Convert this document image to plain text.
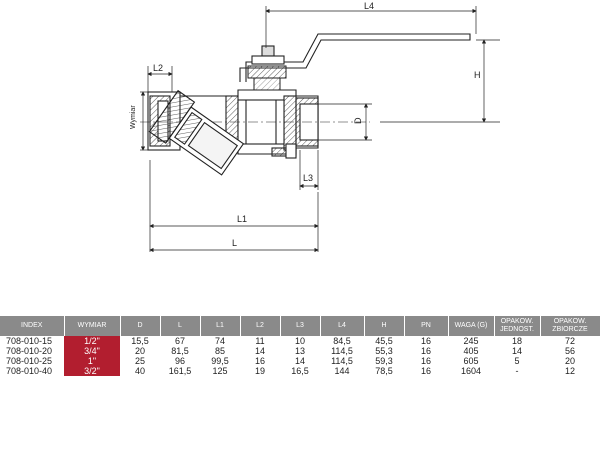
L4
L2
H
D
Wymiar
L3
L1
L
INDEX	WYMIAR	D	L	L1	L2	L3	L4	H	PN	WAGA (G)	OPAKOW. JEDNOST.	OPAKOW. ZBIORCZE
708-010-15	1/2"	15,5	67	74	11	10	84,5	45,5	16	245	18	72
708-010-20	3/4"	20	81,5	85	14	13	114,5	55,3	16	405	14	56
708-010-25	1"	25	96	99,5	16	14	114,5	59,3	16	605	5	20
708-010-40	3/2"	40	161,5	125	19	16,5	144	78,5	16	1604	-	12
